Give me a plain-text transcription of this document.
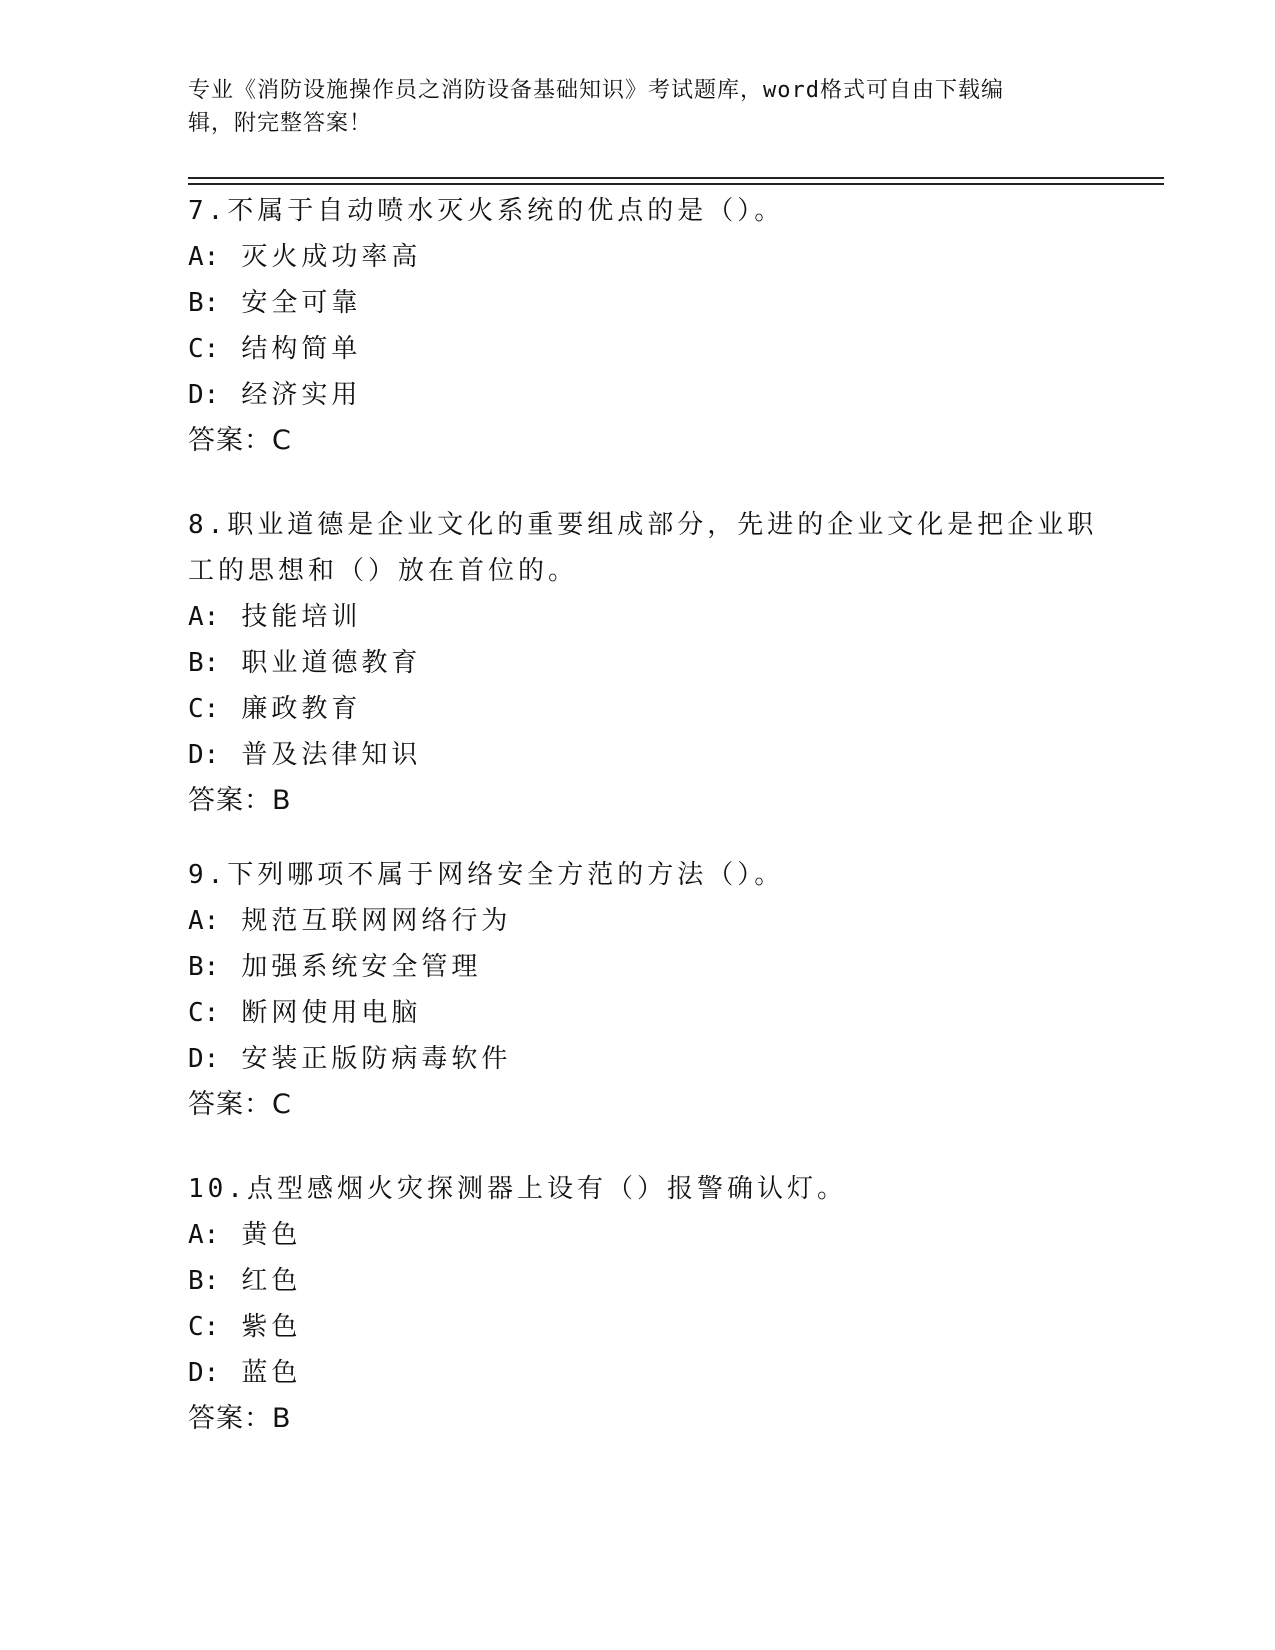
专业《消防设施操作员之消防设备基础知识》考试题库，word格式可自由下载编
辑，附完整答案！
7.不属于自动喷水灭火系统的优点的是（）。
A: 灭火成功率高
B: 安全可靠
C: 结构简单
D: 经济实用
答案：C
8.职业道德是企业文化的重要组成部分，先进的企业文化是把企业职
工的思想和（）放在首位的。
A: 技能培训
B: 职业道德教育
C: 廉政教育
D: 普及法律知识
答案：B
9.下列哪项不属于网络安全方范的方法（）。
A: 规范互联网网络行为
B: 加强系统安全管理
C: 断网使用电脑
D: 安装正版防病毒软件
答案：C
10.点型感烟火灾探测器上设有（）报警确认灯。
A: 黄色
B: 红色
C: 紫色
D: 蓝色
答案：B
